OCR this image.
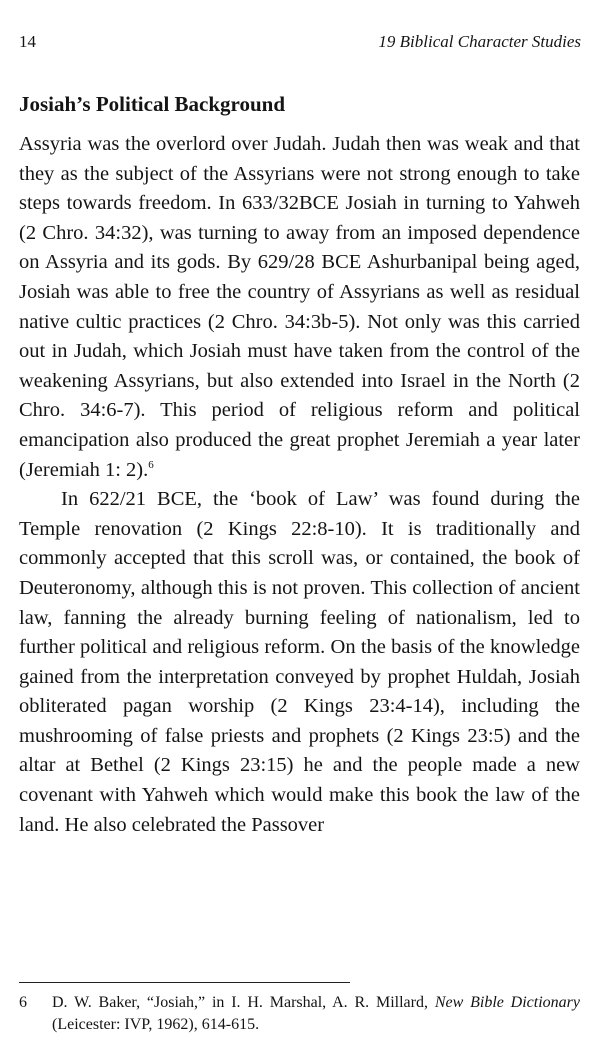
14	19 Biblical Character Studies
Josiah’s Political Background

Assyria was the overlord over Judah. Judah then was weak and that they as the subject of the Assyrians were not strong enough to take steps towards freedom. In 633/32BCE Josiah in turning to Yahweh (2 Chro. 34:32), was turning to away from an imposed dependence on Assyria and its gods. By 629/28 BCE Ashurbanipal being aged, Josiah was able to free the country of Assyrians as well as residual native cultic practices (2 Chro. 34:3b-5). Not only was this carried out in Judah, which Josiah must have taken from the control of the weakening Assyrians, but also extended into Israel in the North (2 Chro. 34:6-7). This period of religious reform and political emancipation also produced the great prophet Jeremiah a year later (Jeremiah 1: 2).$^6$

In 622/21 BCE, the ‘book of Law’ was found during the Temple renovation (2 Kings 22:8-10). It is traditionally and commonly accepted that this scroll was, or contained, the book of Deuteronomy, although this is not proven. This collection of ancient law, fanning the already burning feeling of nationalism, led to further political and religious reform. On the basis of the knowledge gained from the interpretation conveyed by prophet Huldah, Josiah obliterated pagan worship (2 Kings 23:4-14), including the mushrooming of false priests and prophets (2 Kings 23:5) and the altar at Bethel (2 Kings 23:15) he and the people made a new covenant with Yahweh which would make this book the law of the land. He also celebrated the Passover

6 D. W. Baker, “Josiah,” in I. H. Marshal, A. R. Millard, New Bible Dictionary (Leicester: IVP, 1962), 614-615.
